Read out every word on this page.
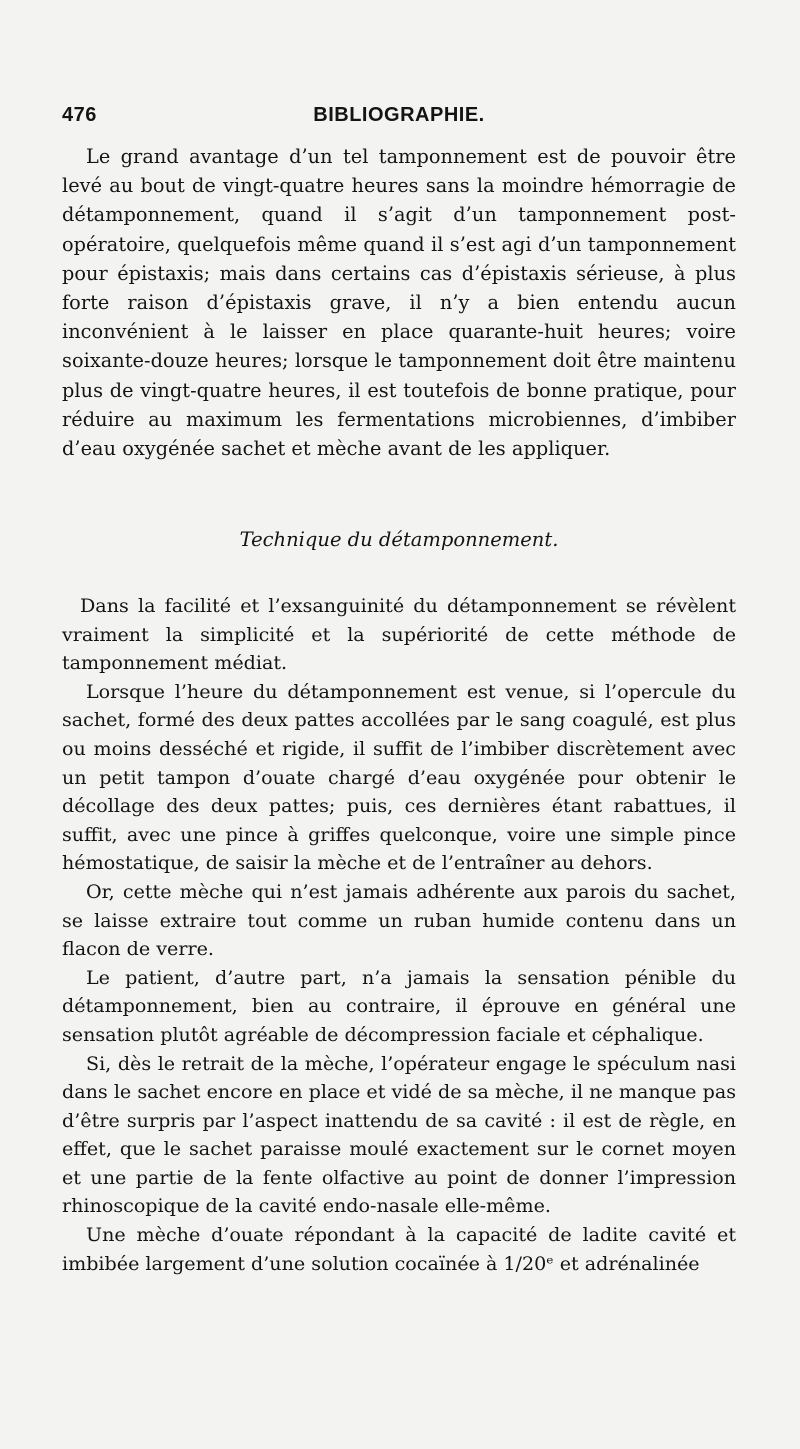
476	BIBLIOGRAPHIE.

Le grand avantage d’un tel tamponnement est de pouvoir être levé au bout de vingt-quatre heures sans la moindre hémorragie de détamponnement, quand il s’agit d’un tamponnement post-opératoire, quelquefois même quand il s’est agi d’un tamponnement pour épistaxis; mais dans certains cas d’épistaxis sérieuse, à plus forte raison d’épistaxis grave, il n’y a bien entendu aucun inconvénient à le laisser en place quarante-huit heures; voire soixante-douze heures; lorsque le tamponnement doit être maintenu plus de vingt-quatre heures, il est toutefois de bonne pratique, pour réduire au maximum les fermentations microbiennes, d’imbiber d’eau oxygénée sachet et mèche avant de les appliquer.

Technique du détamponnement.

Dans la facilité et l’exsanguinité du détamponnement se révèlent vraiment la simplicité et la supériorité de cette méthode de tamponnement médiat.

Lorsque l’heure du détamponnement est venue, si l’opercule du sachet, formé des deux pattes accollées par le sang coagulé, est plus ou moins desséché et rigide, il suffit de l’imbiber discrètement avec un petit tampon d’ouate chargé d’eau oxygénée pour obtenir le décollage des deux pattes; puis, ces dernières étant rabattues, il suffit, avec une pince à griffes quelconque, voire une simple pince hémostatique, de saisir la mèche et de l’entraîner au dehors.

Or, cette mèche qui n’est jamais adhérente aux parois du sachet, se laisse extraire tout comme un ruban humide contenu dans un flacon de verre.

Le patient, d’autre part, n’a jamais la sensation pénible du détamponnement, bien au contraire, il éprouve en général une sensation plutôt agréable de décompression faciale et céphalique.

Si, dès le retrait de la mèche, l’opérateur engage le spéculum nasi dans le sachet encore en place et vidé de sa mèche, il ne manque pas d’être surpris par l’aspect inattendu de sa cavité : il est de règle, en effet, que le sachet paraisse moulé exactement sur le cornet moyen et une partie de la fente olfactive au point de donner l’impression rhinoscopique de la cavité endo-nasale elle-même.

Une mèche d’ouate répondant à la capacité de ladite cavité et imbibée largement d’une solution cocaïnée à 1/20ᵉ et adrénalinée
